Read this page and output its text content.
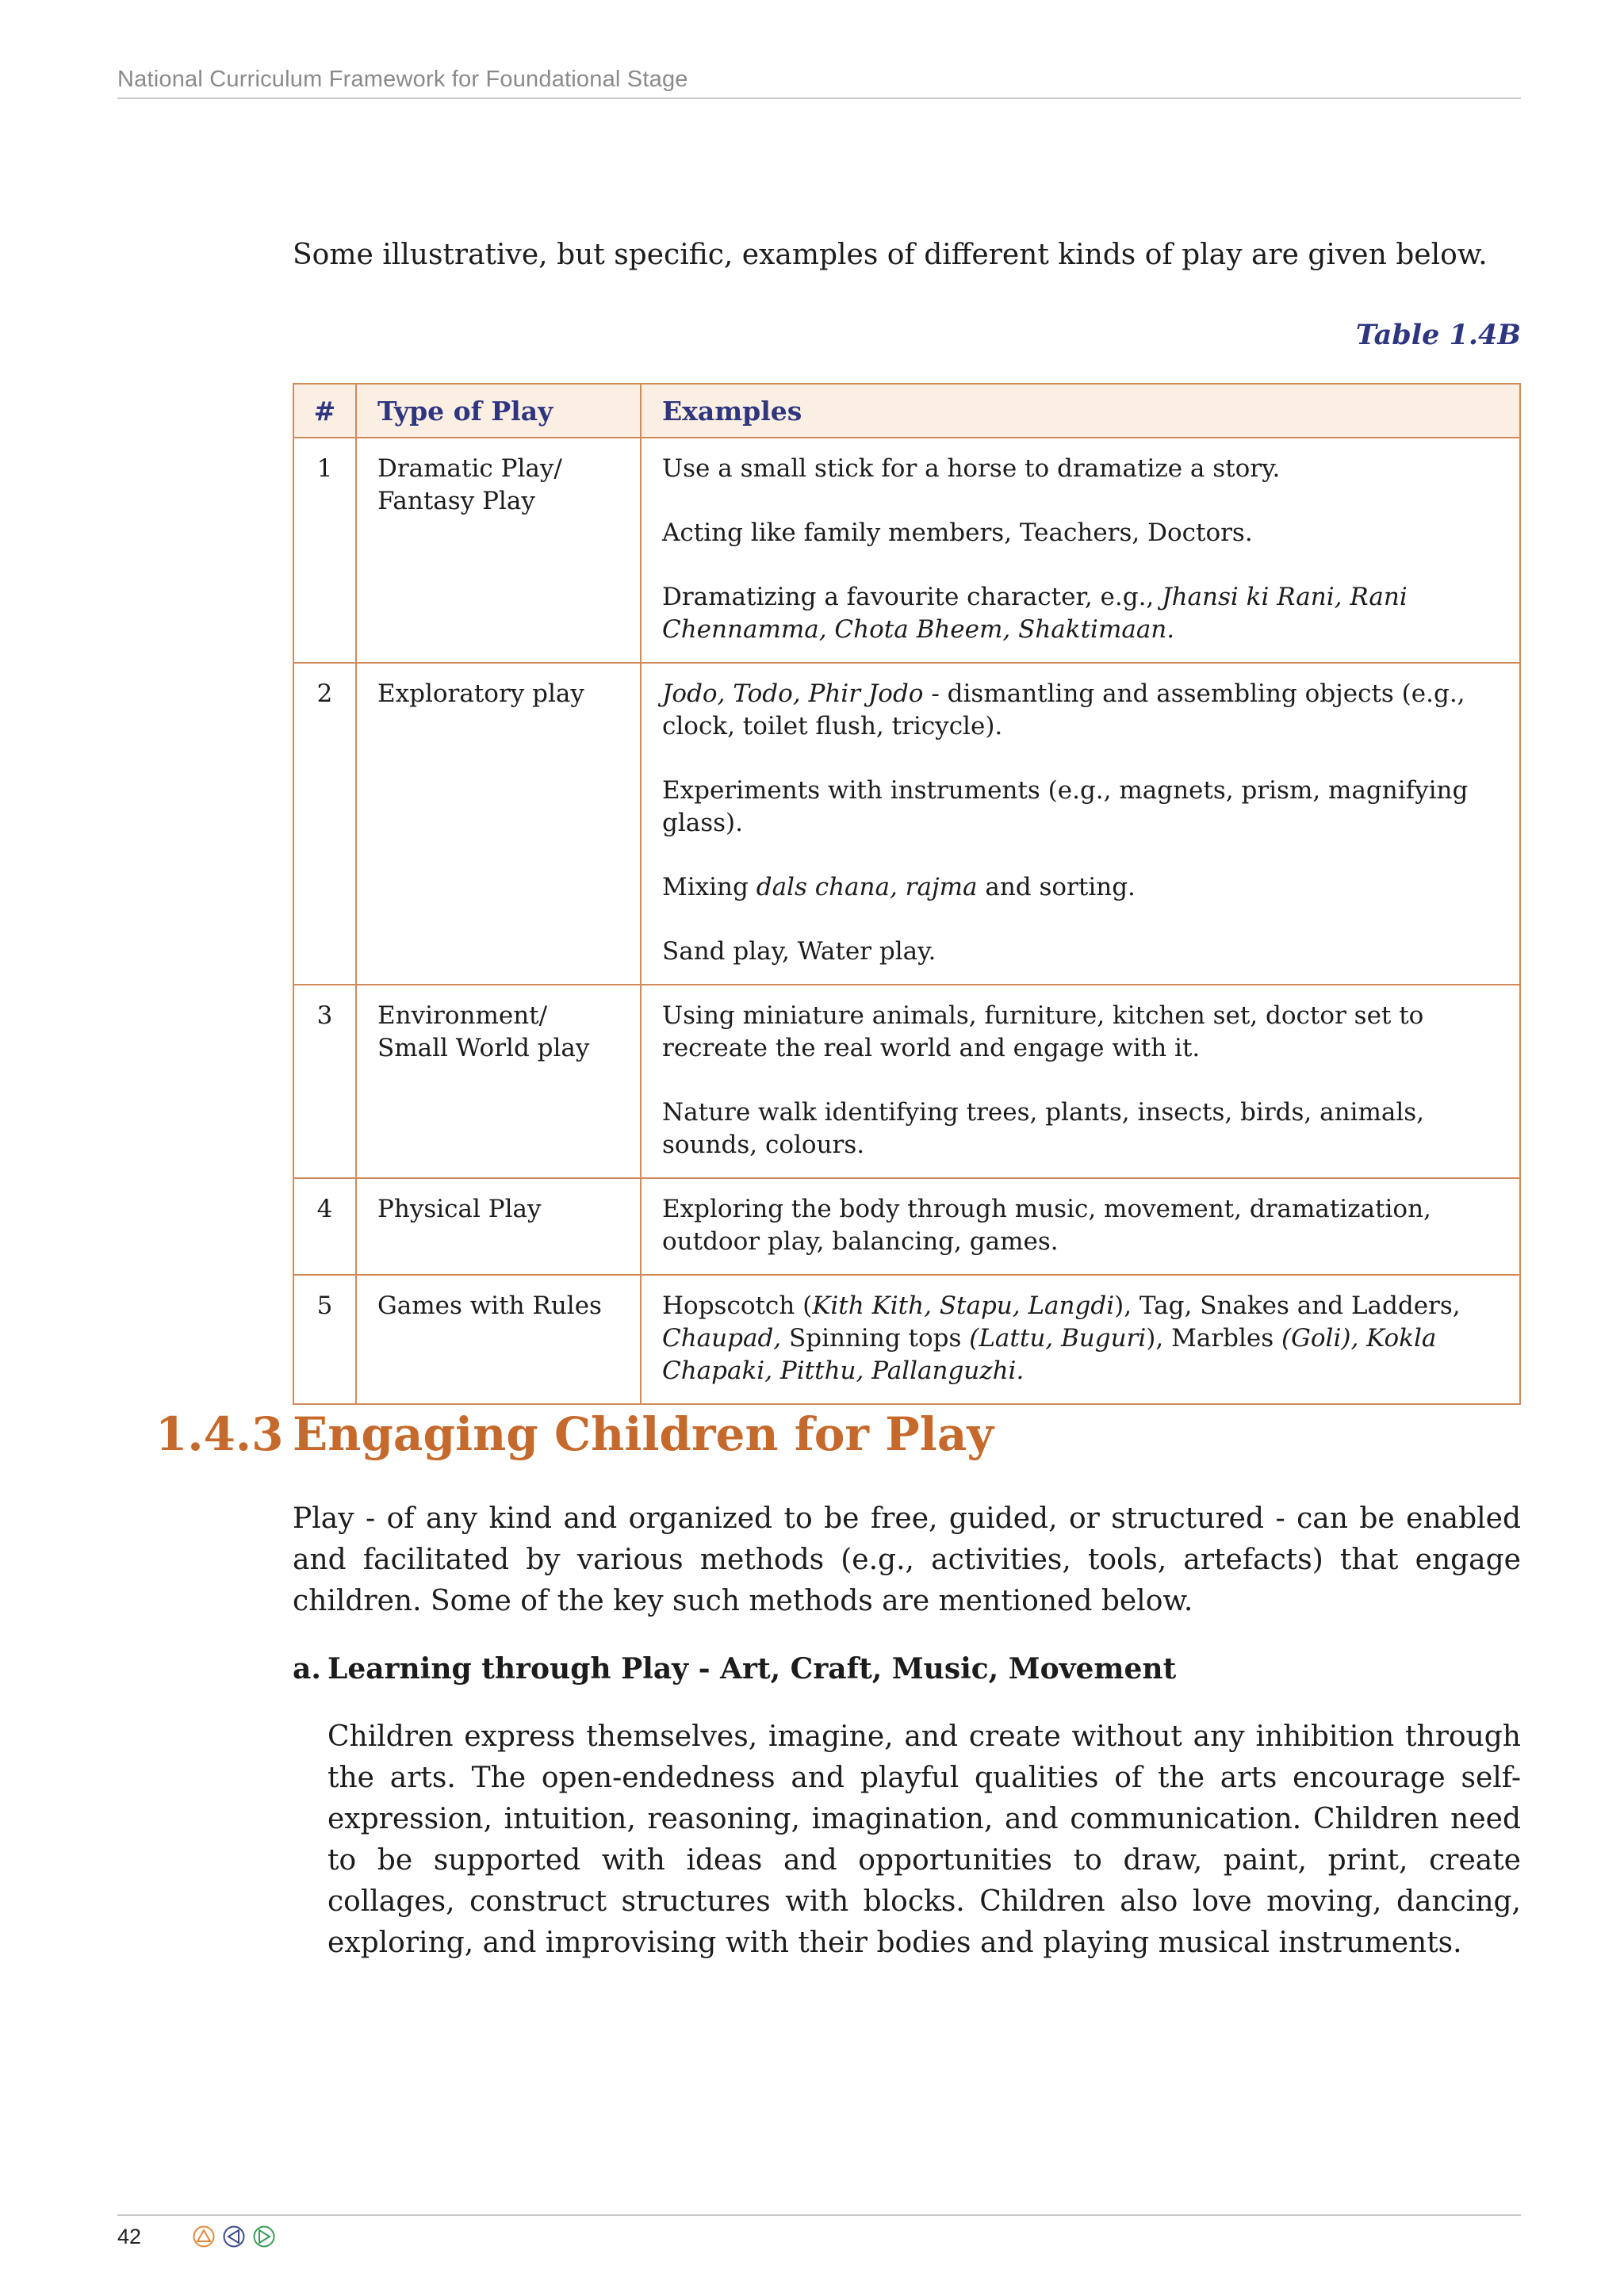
National Curriculum Framework for Foundational Stage

Some illustrative, but specific, examples of different kinds of play are given below.

Table 1.4B
#	Type of Play	Examples
1	Dramatic Play/ Fantasy Play	Use a small stick for a horse to dramatize a story.
Acting like family members, Teachers, Doctors.
Dramatizing a favourite character, e.g., Jhansi ki Rani, Rani Chennamma, Chota Bheem, Shaktimaan.

2	Exploratory play	Jodo, Todo, Phir Jodo - dismantling and assembling objects (e.g., clock, toilet flush, tricycle).
Experiments with instruments (e.g., magnets, prism, magnifying glass).
Mixing dals chana, rajma and sorting.
Sand play, Water play.

3	Environment/ Small World play	Using miniature animals, furniture, kitchen set, doctor set to recreate the real world and engage with it.
Nature walk identifying trees, plants, insects, birds, animals, sounds, colours.

4	Physical Play	Exploring the body through music, movement, dramatization, outdoor play, balancing, games.

5	Games with Rules	Hopscotch (Kith Kith, Stapu, Langdi), Tag, Snakes and Ladders, Chaupad, Spinning tops (Lattu, Buguri), Marbles (Goli), Kokla Chapaki, Pitthu, Pallanguzhi.
1.4.3 Engaging Children for Play

Play - of any kind and organized to be free, guided, or structured - can be enabled and facilitated by various methods (e.g., activities, tools, artefacts) that engage children. Some of the key such methods are mentioned below.

a. Learning through Play - Art, Craft, Music, Movement

Children express themselves, imagine, and create without any inhibition through the arts. The open-endedness and playful qualities of the arts encourage self-expression, intuition, reasoning, imagination, and communication. Children need to be supported with ideas and opportunities to draw, paint, print, create collages, construct structures with blocks. Children also love moving, dancing, exploring, and improvising with their bodies and playing musical instruments.

42
